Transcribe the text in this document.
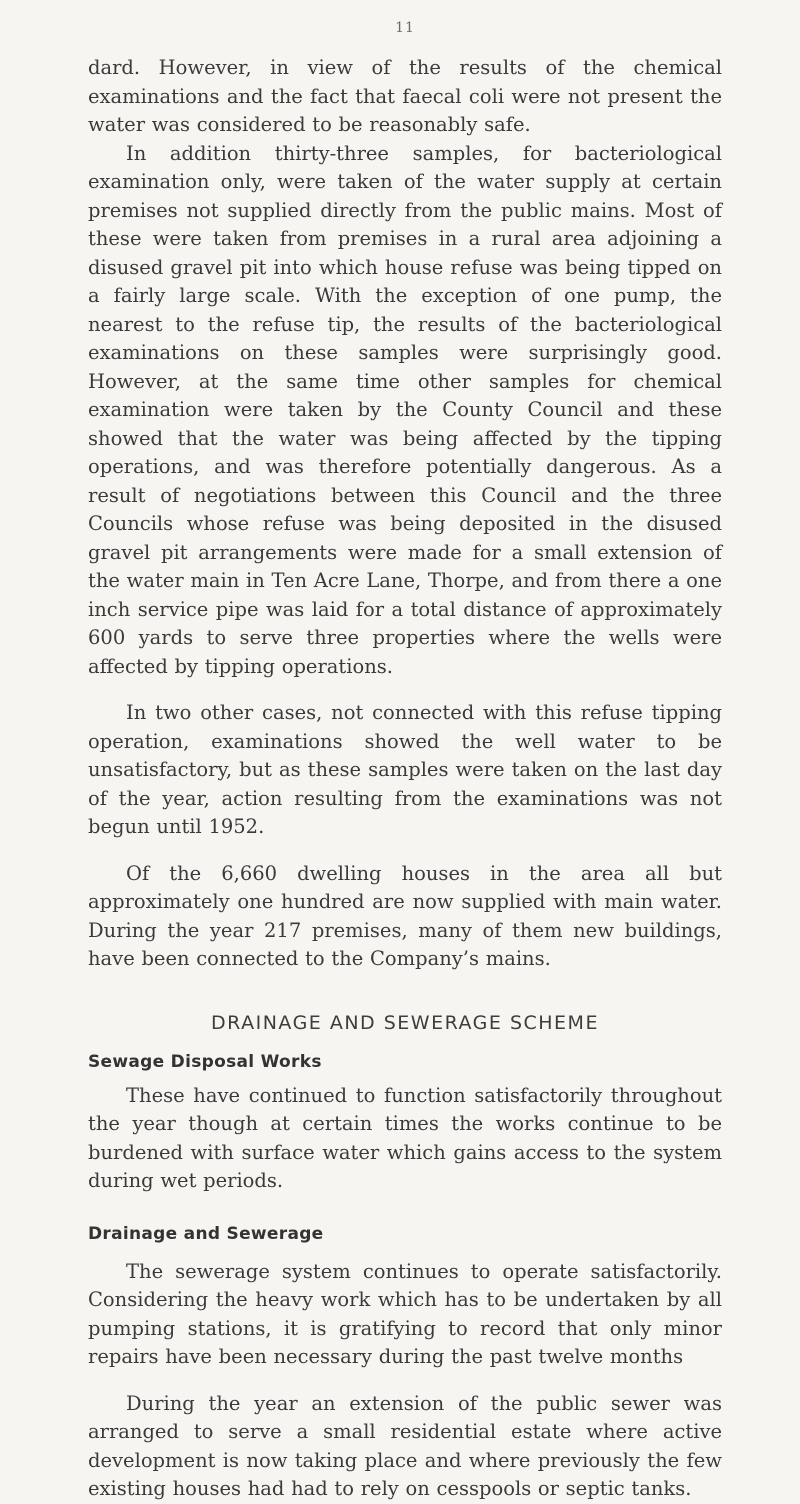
11

dard. However, in view of the results of the chemical examinations and the fact that faecal coli were not present the water was considered to be reasonably safe.

In addition thirty-three samples, for bacteriological examination only, were taken of the water supply at certain premises not supplied directly from the public mains. Most of these were taken from premises in a rural area adjoining a disused gravel pit into which house refuse was being tipped on a fairly large scale. With the exception of one pump, the nearest to the refuse tip, the results of the bacteriological examinations on these samples were surprisingly good. However, at the same time other samples for chemical examination were taken by the County Council and these showed that the water was being affected by the tipping operations, and was therefore potentially dangerous. As a result of negotiations between this Council and the three Councils whose refuse was being deposited in the disused gravel pit arrangements were made for a small extension of the water main in Ten Acre Lane, Thorpe, and from there a one inch service pipe was laid for a total distance of approximately 600 yards to serve three properties where the wells were affected by tipping operations.

In two other cases, not connected with this refuse tipping operation, examinations showed the well water to be unsatisfactory, but as these samples were taken on the last day of the year, action resulting from the examinations was not begun until 1952.

Of the 6,660 dwelling houses in the area all but approximately one hundred are now supplied with main water. During the year 217 premises, many of them new buildings, have been connected to the Company’s mains.

DRAINAGE AND SEWERAGE SCHEME
Sewage Disposal Works

These have continued to function satisfactorily throughout the year though at certain times the works continue to be burdened with surface water which gains access to the system during wet periods.

Drainage and Sewerage

The sewerage system continues to operate satisfactorily. Considering the heavy work which has to be undertaken by all pumping stations, it is gratifying to record that only minor repairs have been necessary during the past twelve months

During the year an extension of the public sewer was arranged to serve a small residential estate where active development is now taking place and where previously the few existing houses had had to rely on cesspools or septic tanks.
